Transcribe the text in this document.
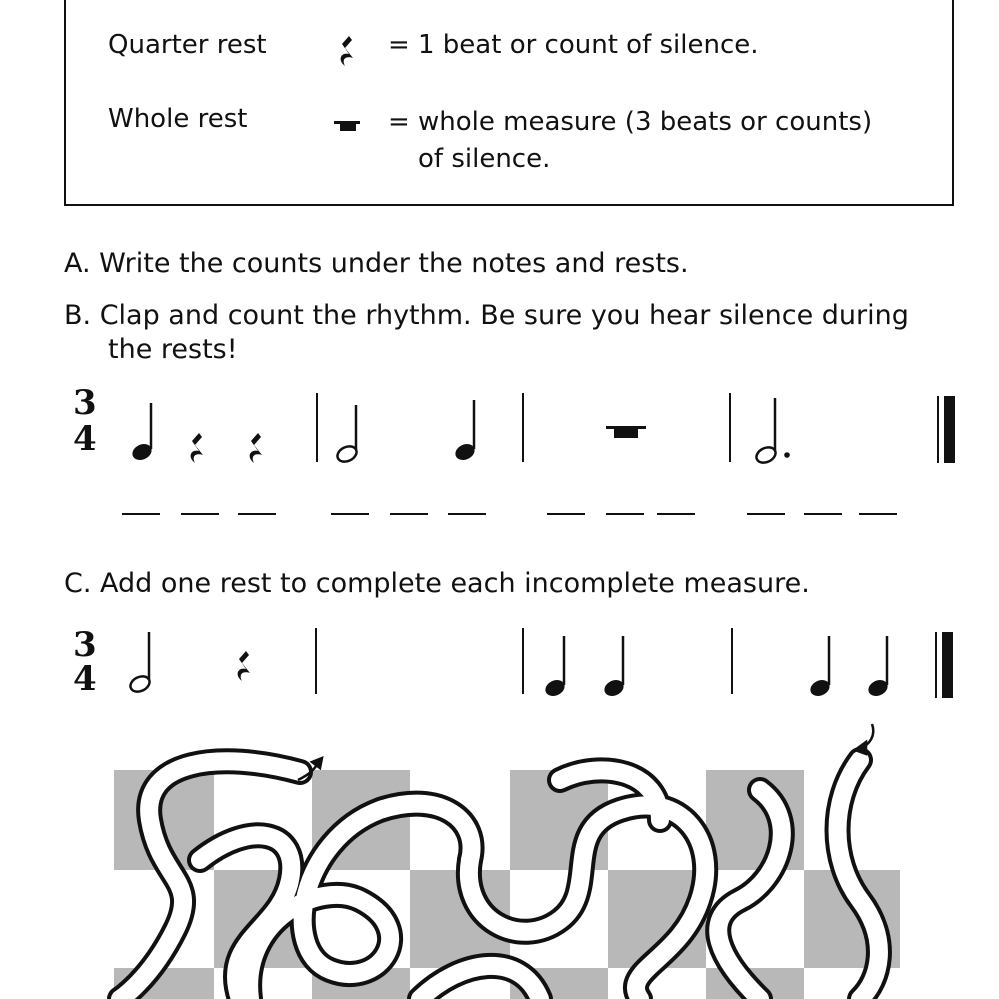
Quarter rest	= 1 beat or count of silence.
Whole rest	= whole measure (3 beats or counts)
of silence.
A. Write the counts under the notes and rests.
B. Clap and count the rhythm. Be sure you hear silence during
the rests!
C. Add one rest to complete each incomplete measure.
3
4
3
4
